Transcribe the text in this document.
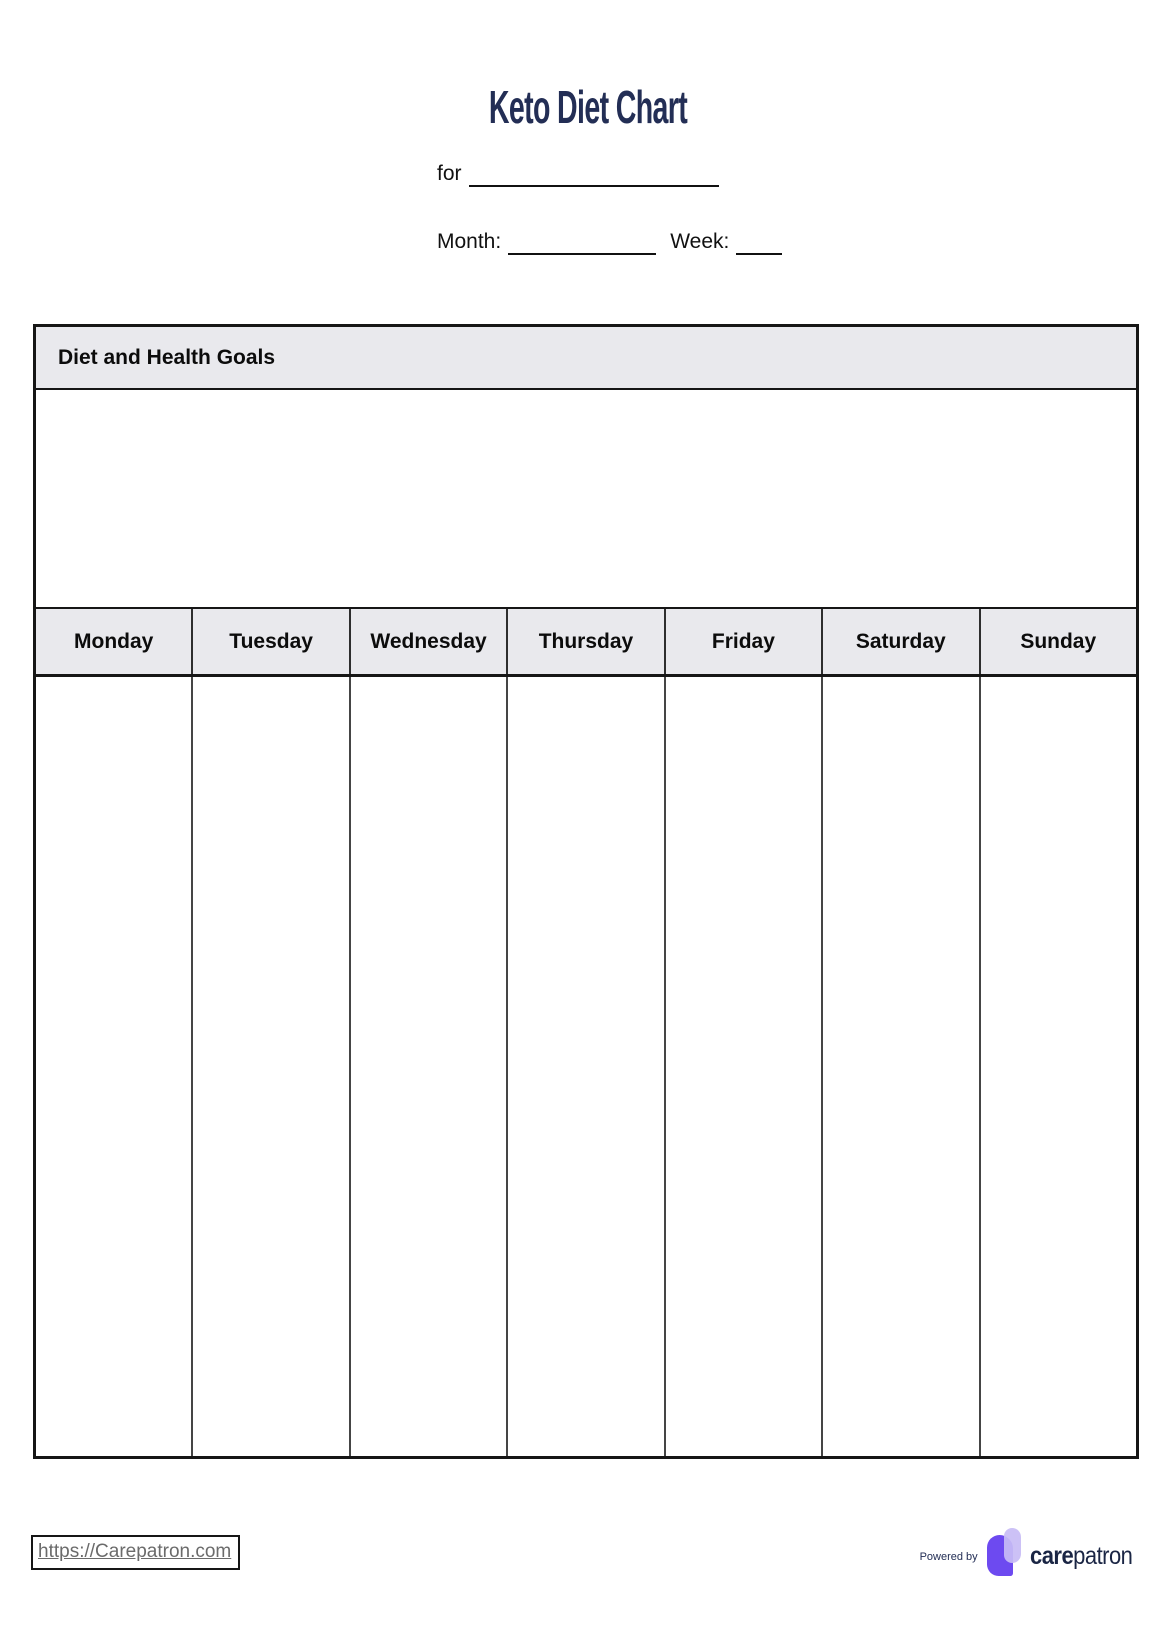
Keto Diet Chart
for
Month:	Week:
Diet and Health Goals
Monday	Tuesday	Wednesday	Thursday	Friday	Saturday	Sunday
https://Carepatron.com	Powered by carepatron
